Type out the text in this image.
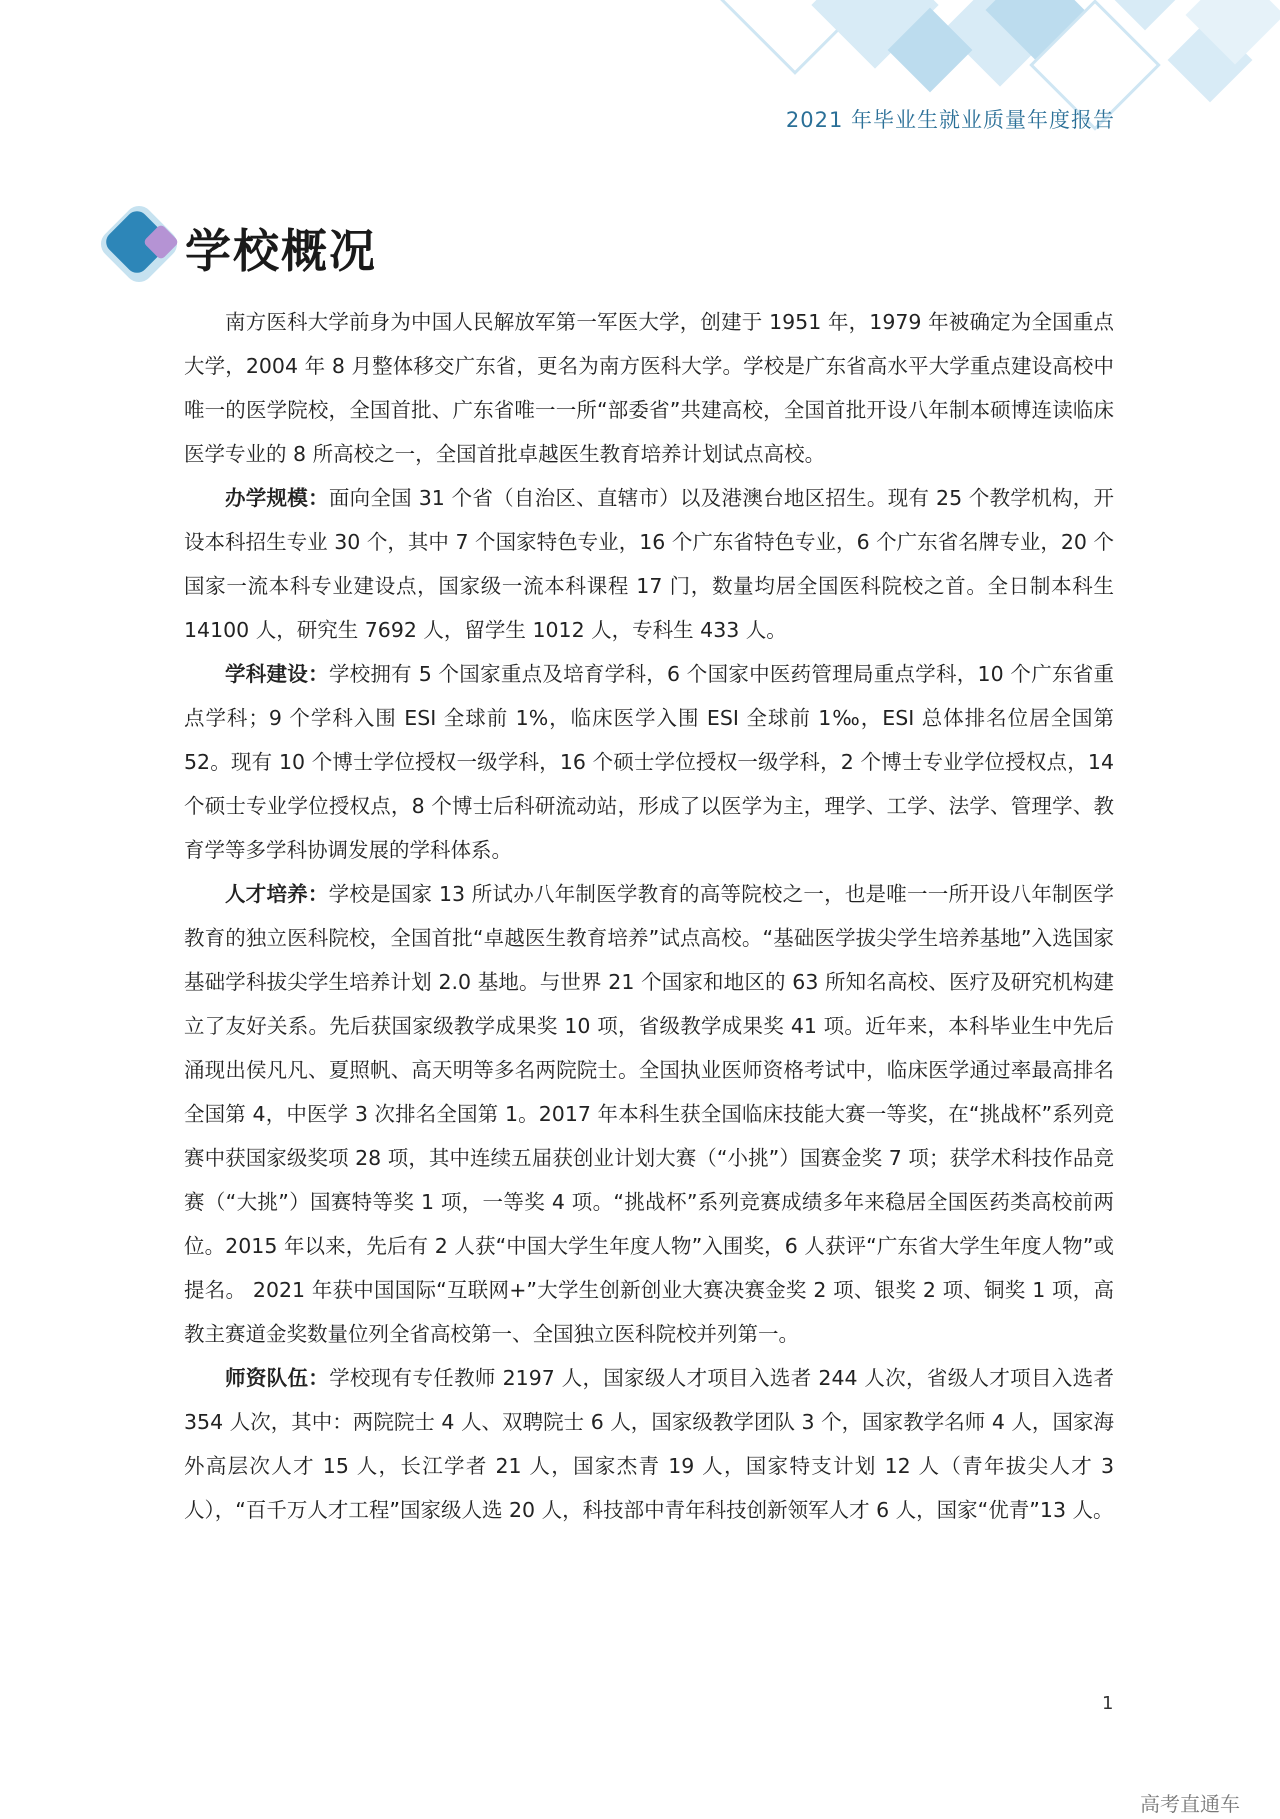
2021 年毕业生就业质量年度报告
学校概况

南方医科大学前身为中国人民解放军第一军医大学，创建于 1951 年，1979 年被确定为全国重点大学，2004 年 8 月整体移交广东省，更名为南方医科大学。学校是广东省高水平大学重点建设高校中唯一的医学院校，全国首批、广东省唯一一所“部委省”共建高校，全国首批开设八年制本硕博连读临床医学专业的 8 所高校之一，全国首批卓越医生教育培养计划试点高校。

办学规模：面向全国 31 个省（自治区、直辖市）以及港澳台地区招生。现有 25 个教学机构，开设本科招生专业 30 个，其中 7 个国家特色专业，16 个广东省特色专业，6 个广东省名牌专业，20 个国家一流本科专业建设点，国家级一流本科课程 17 门，数量均居全国医科院校之首。全日制本科生 14100 人，研究生 7692 人，留学生 1012 人，专科生 433 人。

学科建设：学校拥有 5 个国家重点及培育学科，6 个国家中医药管理局重点学科，10 个广东省重点学科；9 个学科入围 ESI 全球前 1%，临床医学入围 ESI 全球前 1‰，ESI 总体排名位居全国第 52。现有 10 个博士学位授权一级学科，16 个硕士学位授权一级学科，2 个博士专业学位授权点，14 个硕士专业学位授权点，8 个博士后科研流动站，形成了以医学为主，理学、工学、法学、管理学、教育学等多学科协调发展的学科体系。

人才培养：学校是国家 13 所试办八年制医学教育的高等院校之一，也是唯一一所开设八年制医学教育的独立医科院校，全国首批“卓越医生教育培养”试点高校。“基础医学拔尖学生培养基地”入选国家基础学科拔尖学生培养计划 2.0 基地。与世界 21 个国家和地区的 63 所知名高校、医疗及研究机构建立了友好关系。先后获国家级教学成果奖 10 项，省级教学成果奖 41 项。近年来，本科毕业生中先后涌现出侯凡凡、夏照帆、高天明等多名两院院士。全国执业医师资格考试中，临床医学通过率最高排名全国第 4，中医学 3 次排名全国第 1。2017 年本科生获全国临床技能大赛一等奖，在“挑战杯”系列竞赛中获国家级奖项 28 项，其中连续五届获创业计划大赛（“小挑”）国赛金奖 7 项；获学术科技作品竞赛（“大挑”）国赛特等奖 1 项，一等奖 4 项。“挑战杯”系列竞赛成绩多年来稳居全国医药类高校前两位。2015 年以来，先后有 2 人获“中国大学生年度人物”入围奖，6 人获评“广东省大学生年度人物”或提名。 2021 年获中国国际“互联网+”大学生创新创业大赛决赛金奖 2 项、银奖 2 项、铜奖 1 项，高教主赛道金奖数量位列全省高校第一、全国独立医科院校并列第一。

师资队伍：学校现有专任教师 2197 人，国家级人才项目入选者 244 人次，省级人才项目入选者 354 人次，其中：两院院士 4 人、双聘院士 6 人，国家级教学团队 3 个，国家教学名师 4 人，国家海外高层次人才 15 人，长江学者 21 人，国家杰青 19 人，国家特支计划 12 人（青年拔尖人才 3 人），“百千万人才工程”国家级人选 20 人，科技部中青年科技创新领军人才 6 人，国家“优青”13 人。

1
高考直通车
